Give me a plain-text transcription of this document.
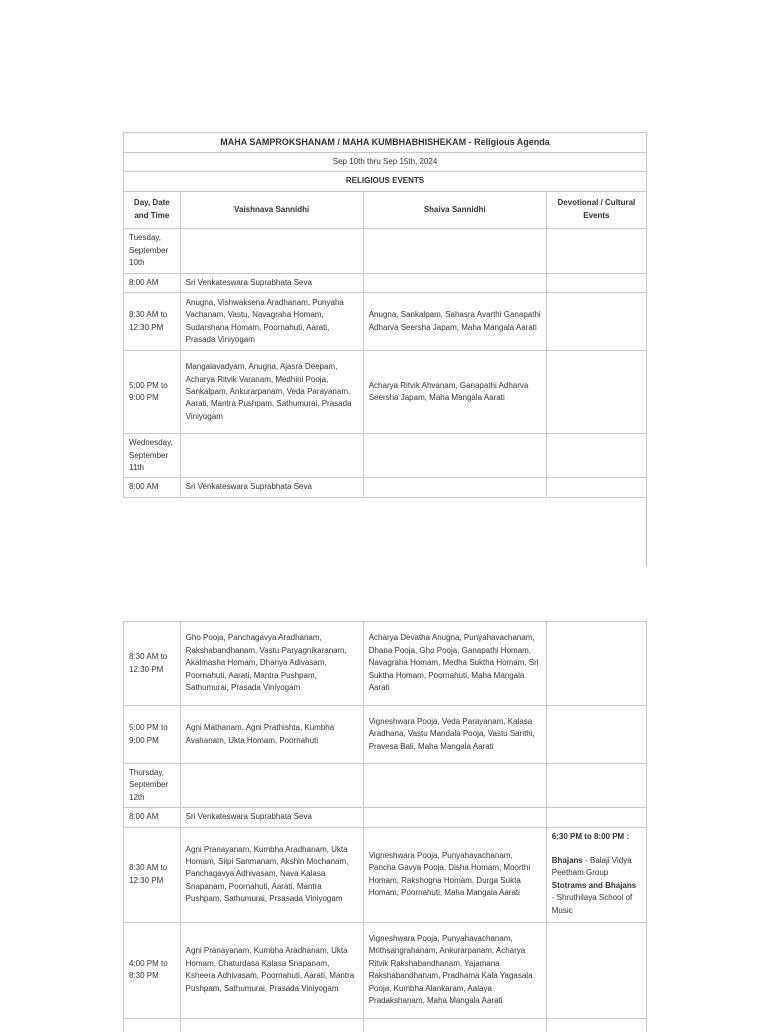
MAHA SAMPROKSHANAM / MAHA KUMBHABHISHEKAM - Religious Agenda			
Sep 10th thru Sep 15th, 2024			
RELIGIOUS EVENTS			
Day, Date and Time	Vaishnava Sannidhi	Shaiva Sannidhi	Devotional / Cultural Events
Tuesday, September 10th			
8:00 AM	Sri Venkateswara Suprabhata Seva		
8:30 AM to 12:30 PM	Anugna, Vishwaksena Aradhanam, Punyaha Vachanam, Vastu, Navagraha Homam, Sudarshana Homam, Poornahuti, Aarati, Prasada Viniyogam	Anugna, Sankalpam, Sahasra Avarthi Ganapathi Adharva Seersha Japam, Maha Mangala Aarati	
5:00 PM to 9:00 PM	Mangalavadyam, Anugna, Ajasra Deepam, Acharya Ritvik Varanam, Medhini Pooja, Sankalpam, Ankurarpanam, Veda Parayanam, Aarati, Mantra Pushpam, Sathumurai, Prasada Viniyogam	Acharya Ritvik Ahvanam, Ganapathi Adharva Seersha Japam, Maha Mangala Aarati	
Wednesday, September 11th			
8:00 AM	Sri Venkateswara Suprabhata Seva		
8:30 AM to 12:30 PM	Gho Pooja, Panchagavya Aradhanam, Rakshabandhanam, Vastu Paryagnikaranam, Akalmasha Homam, Dhanya Adivasam, Poornahuti, Aarati, Mantra Pushpam, Sathumurai, Prasada Viniyogam	Acharya Devatha Anugna, Punyahavachanam, Dhana Pooja, Gho Pooja, Ganapathi Homam, Navagraha Homam, Medha Suktha Homam, Sri Suktha Homam, Poornahuti, Maha Mangala Aarati	
5:00 PM to 9:00 PM	Agni Mathanam, Agni Prathishta, Kumbha Avahanam, Ukta Homam, Poornahuti	Vigneshwara Pooja, Veda Parayanam, Kalasa Aradhana, Vastu Mandala Pooja, Vastu Santhi, Pravesa Bali, Maha Mangala Aarati	
Thursday, September 12th			
8:00 AM	Sri Venkateswara Suprabhata Seva		
8:30 AM to 12:30 PM	Agni Pranayanam, Kumbha Aradhanam, Ukta Homam, Silpi Sanmanam, Akshin Mochanam, Panchagavya Adhivasam, Nava Kalasa Snapanam, Poornahuti, Aarati, Mantra Pushpam, Sathumurai, Prsasada Viniyogam	Vigneshwara Pooja, Punyahavachanam, Pancha Gavya Pooja, Disha Homam, Moorthi Homam, Rakshogna Homam, Durga Sukta Homam, Poornahuti, Maha Mangala Aarati	6:30 PM to 8:00 PM :
Bhajans - Balaji Vidya Peetham Group
Stotrams and Bhajans - Shruthilaya School of Music

4:00 PM to 8:30 PM	Agni Pranayanam, Kumbha Aradhanam, Ukta Homam, Chaturdasa Kalasa Snapanam, Ksheera Adhivasam, Poornahuti, Aarati, Mantra Pushpam, Sathumurai, Prasada Viniyogam	Vigneshwara Pooja, Punyahavachanam, Mrithsangrahanam, Ankurarpanam, Acharya Ritvik Rakshabandhanam, Yajamana Rakshabandhanam, Pradhama Kala Yagasala Pooja, Kumbha Alankaram, Aalaya Pradakshanam, Maha Mangala Aarati	
